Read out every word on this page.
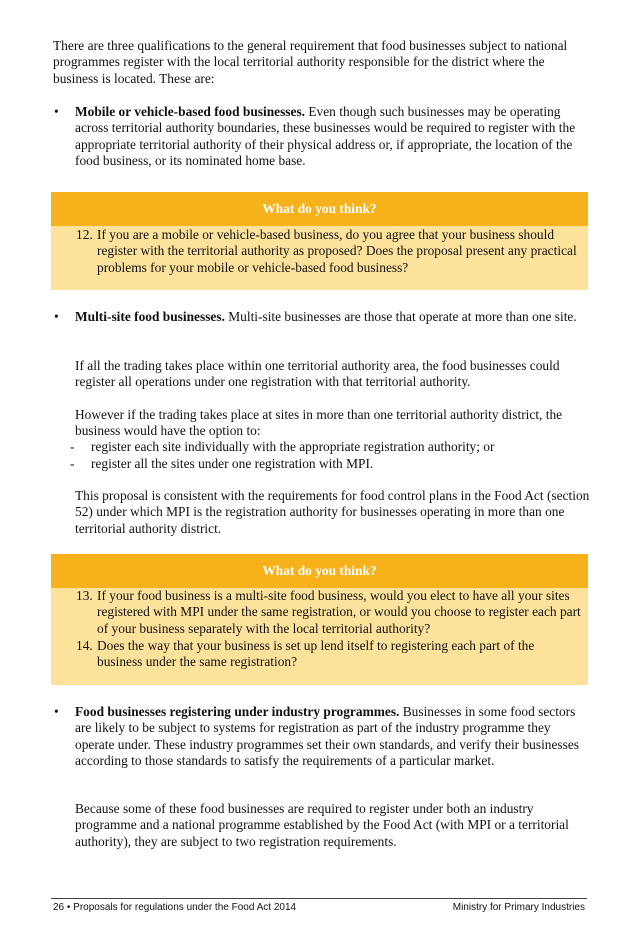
There are three qualifications to the general requirement that food businesses subject to national programmes register with the local territorial authority responsible for the district where the business is located. These are:

• Mobile or vehicle-based food businesses. Even though such businesses may be operating across territorial authority boundaries, these businesses would be required to register with the appropriate territorial authority of their physical address or, if appropriate, the location of the food business, or its nominated home base.
What do you think?
12. If you are a mobile or vehicle-based business, do you agree that your business should register with the territorial authority as proposed? Does the proposal present any practical problems for your mobile or vehicle-based food business?
• Multi-site food businesses. Multi-site businesses are those that operate at more than one site.

If all the trading takes place within one territorial authority area, the food businesses could register all operations under one registration with that territorial authority.

However if the trading takes place at sites in more than one territorial authority district, the business would have the option to:

- register each site individually with the appropriate registration authority; or
- register all the sites under one registration with MPI.

This proposal is consistent with the requirements for food control plans in the Food Act (section 52) under which MPI is the registration authority for businesses operating in more than one territorial authority district.

What do you think?
13. If your food business is a multi-site food business, would you elect to have all your sites registered with MPI under the same registration, or would you choose to register each part of your business separately with the local territorial authority?
14. Does the way that your business is set up lend itself to registering each part of the business under the same registration?
• Food businesses registering under industry programmes. Businesses in some food sectors are likely to be subject to systems for registration as part of the industry programme they operate under. These industry programmes set their own standards, and verify their businesses according to those standards to satisfy the requirements of a particular market.

Because some of these food businesses are required to register under both an industry programme and a national programme established by the Food Act (with MPI or a territorial authority), they are subject to two registration requirements.

26 • Proposals for regulations under the Food Act 2014	Ministry for Primary Industries
